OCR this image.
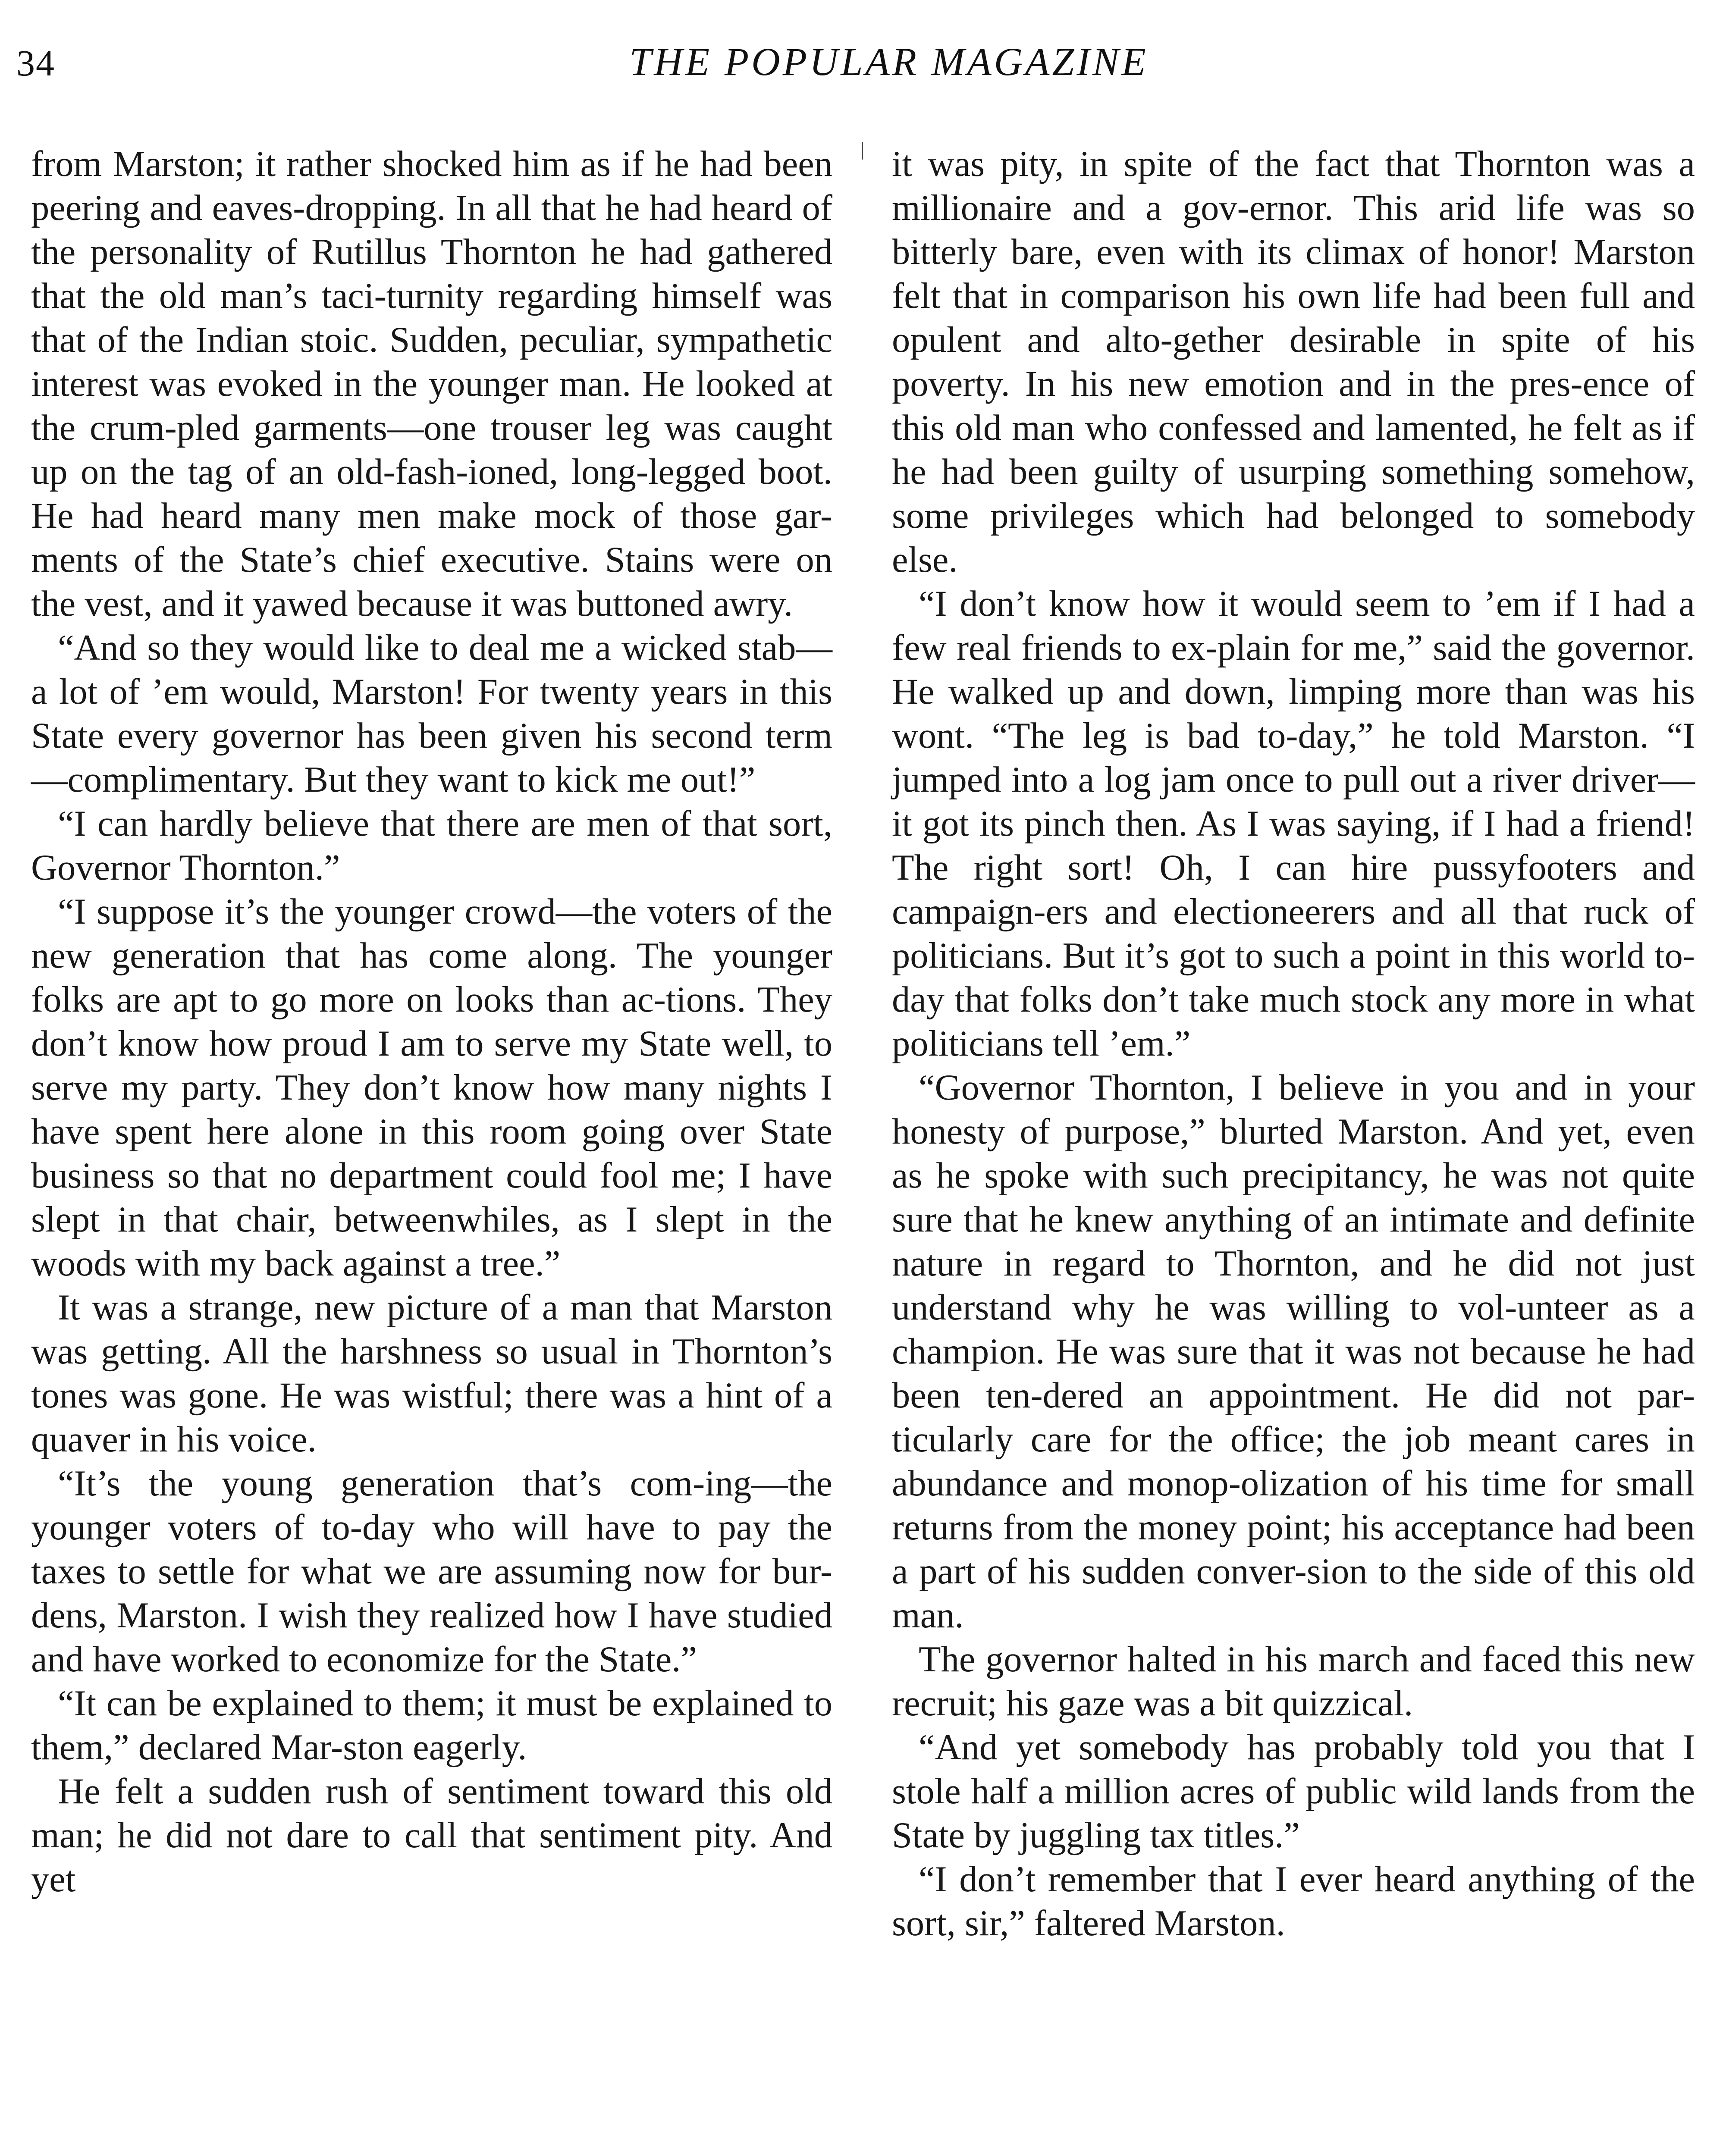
34	THE POPULAR MAGAZINE

from Marston; it rather shocked him as if he had been peering and eaves-dropping. In all that he had heard of the personality of Rutillus Thornton he had gathered that the old man’s taci-turnity regarding himself was that of the Indian stoic. Sudden, peculiar, sympathetic interest was evoked in the younger man. He looked at the crum-pled garments—one trouser leg was caught up on the tag of an old-fash-ioned, long-legged boot. He had heard many men make mock of those gar-ments of the State’s chief executive. Stains were on the vest, and it yawed because it was buttoned awry.

“And so they would like to deal me a wicked stab—a lot of ’em would, Marston! For twenty years in this State every governor has been given his second term—complimentary. But they want to kick me out!”

“I can hardly believe that there are men of that sort, Governor Thornton.”

“I suppose it’s the younger crowd—the voters of the new generation that has come along. The younger folks are apt to go more on looks than ac-tions. They don’t know how proud I am to serve my State well, to serve my party. They don’t know how many nights I have spent here alone in this room going over State business so that no department could fool me; I have slept in that chair, betweenwhiles, as I slept in the woods with my back against a tree.”

It was a strange, new picture of a man that Marston was getting. All the harshness so usual in Thornton’s tones was gone. He was wistful; there was a hint of a quaver in his voice.

“It’s the young generation that’s com-ing—the younger voters of to-day who will have to pay the taxes to settle for what we are assuming now for bur-dens, Marston. I wish they realized how I have studied and have worked to economize for the State.”

“It can be explained to them; it must be explained to them,” declared Mar-ston eagerly.

He felt a sudden rush of sentiment toward this old man; he did not dare to call that sentiment pity. And yet

it was pity, in spite of the fact that Thornton was a millionaire and a gov-ernor. This arid life was so bitterly bare, even with its climax of honor! Marston felt that in comparison his own life had been full and opulent and alto-gether desirable in spite of his poverty. In his new emotion and in the pres-ence of this old man who confessed and lamented, he felt as if he had been guilty of usurping something somehow, some privileges which had belonged to somebody else.

“I don’t know how it would seem to ’em if I had a few real friends to ex-plain for me,” said the governor. He walked up and down, limping more than was his wont. “The leg is bad to-day,” he told Marston. “I jumped into a log jam once to pull out a river driver—it got its pinch then. As I was saying, if I had a friend! The right sort! Oh, I can hire pussyfooters and campaign-ers and electioneerers and all that ruck of politicians. But it’s got to such a point in this world to-day that folks don’t take much stock any more in what politicians tell ’em.”

“Governor Thornton, I believe in you and in your honesty of purpose,” blurted Marston. And yet, even as he spoke with such precipitancy, he was not quite sure that he knew anything of an intimate and definite nature in regard to Thornton, and he did not just understand why he was willing to vol-unteer as a champion. He was sure that it was not because he had been ten-dered an appointment. He did not par-ticularly care for the office; the job meant cares in abundance and monop-olization of his time for small returns from the money point; his acceptance had been a part of his sudden conver-sion to the side of this old man.

The governor halted in his march and faced this new recruit; his gaze was a bit quizzical.

“And yet somebody has probably told you that I stole half a million acres of public wild lands from the State by juggling tax titles.”

“I don’t remember that I ever heard anything of the sort, sir,” faltered Marston.
